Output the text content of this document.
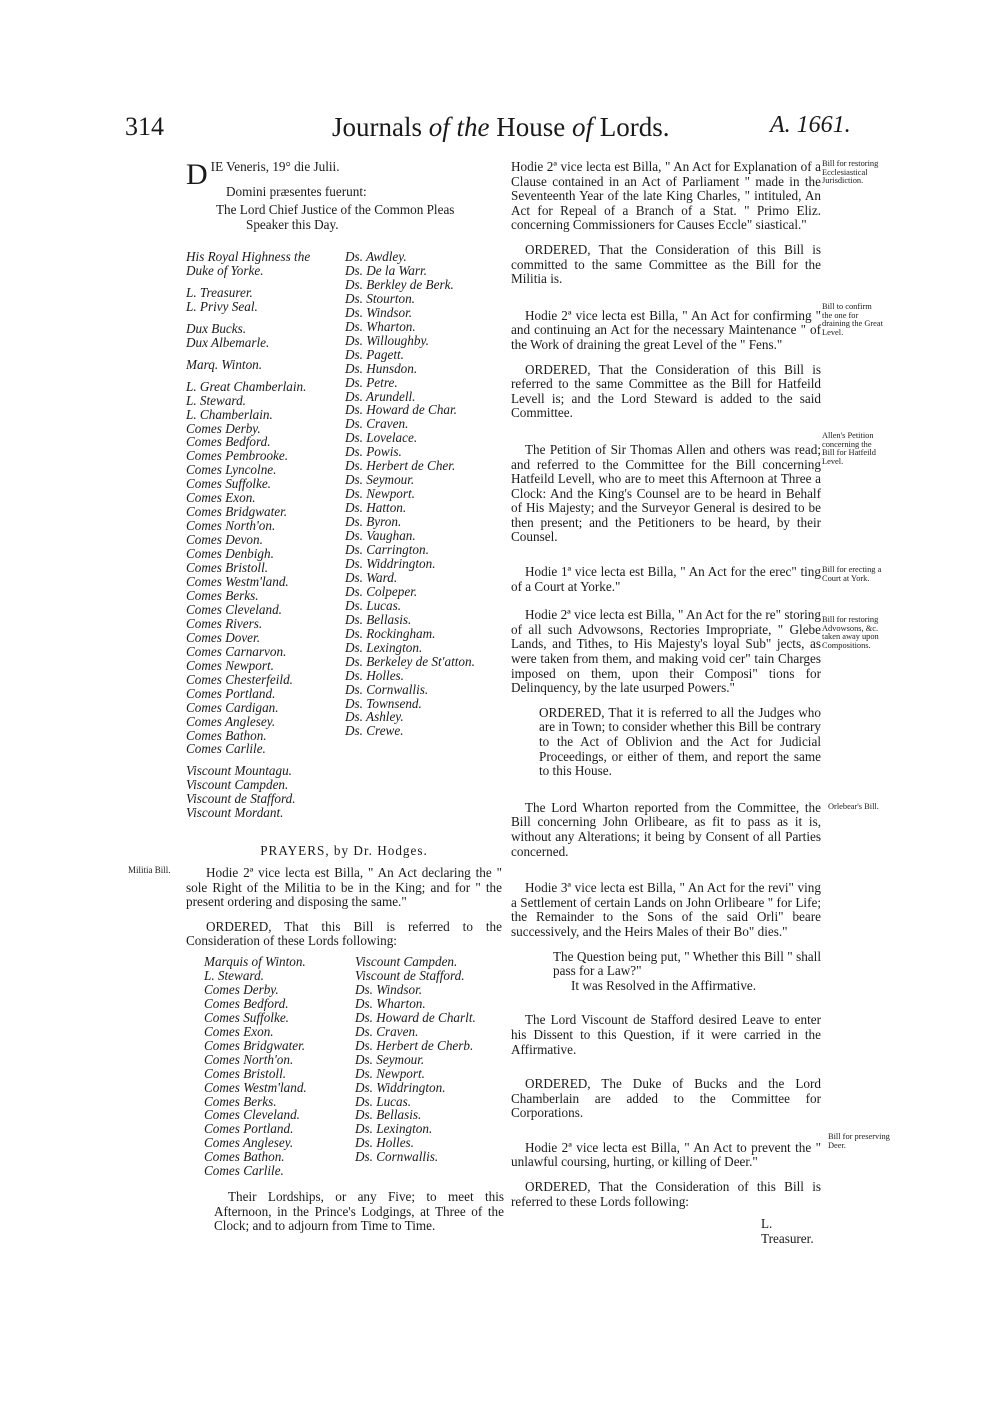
314	Journals of the House of Lords.	A. 1661.

DIE Veneris, 19° die Julii.

Domini præsentes fuerunt:

The Lord Chief Justice of the Common Pleas

Speaker this Day.

His Royal Highness the
Duke of Yorke.
L. Treasurer.
L. Privy Seal.
Dux Bucks.
Dux Albemarle.
Marq. Winton.
L. Great Chamberlain.
L. Steward.
L. Chamberlain.
Comes Derby.
Comes Bedford.
Comes Pembrooke.
Comes Lyncolne.
Comes Suffolke.
Comes Exon.
Comes Bridgwater.
Comes North'on.
Comes Devon.
Comes Denbigh.
Comes Bristoll.
Comes Westm'land.
Comes Berks.
Comes Cleveland.
Comes Rivers.
Comes Dover.
Comes Carnarvon.
Comes Newport.
Comes Chesterfeild.
Comes Portland.
Comes Cardigan.
Comes Anglesey.
Comes Bathon.
Comes Carlile.
Viscount Mountagu.
Viscount Campden.
Viscount de Stafford.
Viscount Mordant.
Ds. Awdley.
Ds. De la Warr.
Ds. Berkley de Berk.
Ds. Stourton.
Ds. Windsor.
Ds. Wharton.
Ds. Willoughby.
Ds. Pagett.
Ds. Hunsdon.
Ds. Petre.
Ds. Arundell.
Ds. Howard de Char.
Ds. Craven.
Ds. Lovelace.
Ds. Powis.
Ds. Herbert de Cher.
Ds. Seymour.
Ds. Newport.
Ds. Hatton.
Ds. Byron.
Ds. Vaughan.
Ds. Carrington.
Ds. Widdrington.
Ds. Ward.
Ds. Colpeper.
Ds. Lucas.
Ds. Bellasis.
Ds. Rockingham.
Ds. Lexington.
Ds. Berkeley de St'atton.
Ds. Holles.
Ds. Cornwallis.
Ds. Townsend.
Ds. Ashley.
Ds. Crewe.
PRAYERS, by Dr. Hodges.
Militia Bill.	Hodie 2ª vice lecta est Billa, " An Act declaring the " sole Right of the Militia to be in the King; and for " the present ordering and disposing the same."

ORDERED, That this Bill is referred to the Consideration of these Lords following:

Marquis of Winton.
L. Steward.
Comes Derby.
Comes Bedford.
Comes Suffolke.
Comes Exon.
Comes Bridgwater.
Comes North'on.
Comes Bristoll.
Comes Westm'land.
Comes Berks.
Comes Cleveland.
Comes Portland.
Comes Anglesey.
Comes Bathon.
Comes Carlile.
Viscount Campden.
Viscount de Stafford.
Ds. Windsor.
Ds. Wharton.
Ds. Howard de Charlt.
Ds. Craven.
Ds. Herbert de Cherb.
Ds. Seymour.
Ds. Newport.
Ds. Widdrington.
Ds. Lucas.
Ds. Bellasis.
Ds. Lexington.
Ds. Holles.
Ds. Cornwallis.
Their Lordships, or any Five; to meet this Afternoon, in the Prince's Lodgings, at Three of the Clock; and to adjourn from Time to Time.

Hodie 2ª vice lecta est Billa, " An Act for Explanation of a Clause contained in an Act of Parliament " made in the Seventeenth Year of the late King Charles, " intituled, An Act for Repeal of a Branch of a Stat. " Primo Eliz. concerning Commissioners for Causes Eccle" siastical."

ORDERED, That the Consideration of this Bill is committed to the same Committee as the Bill for the Militia is.

Hodie 2ª vice lecta est Billa, " An Act for confirming " and continuing an Act for the necessary Maintenance " of the Work of draining the great Level of the " Fens."

ORDERED, That the Consideration of this Bill is referred to the same Committee as the Bill for Hatfeild Levell is; and the Lord Steward is added to the said Committee.

The Petition of Sir Thomas Allen and others was read; and referred to the Committee for the Bill concerning Hatfeild Levell, who are to meet this Afternoon at Three a Clock: And the King's Counsel are to be heard in Behalf of His Majesty; and the Surveyor General is desired to be then present; and the Petitioners to be heard, by their Counsel.

Hodie 1ª vice lecta est Billa, " An Act for the erec" ting of a Court at Yorke."

Hodie 2ª vice lecta est Billa, " An Act for the re" storing of all such Advowsons, Rectories Impropriate, " Glebe Lands, and Tithes, to His Majesty's loyal Sub" jects, as were taken from them, and making void cer" tain Charges imposed on them, upon their Composi" tions for Delinquency, by the late usurped Powers."

ORDERED, That it is referred to all the Judges who are in Town; to consider whether this Bill be contrary to the Act of Oblivion and the Act for Judicial Proceedings, or either of them, and report the same to this House.

The Lord Wharton reported from the Committee, the Bill concerning John Orlibeare, as fit to pass as it is, without any Alterations; it being by Consent of all Parties concerned.

Hodie 3ª vice lecta est Billa, " An Act for the revi" ving a Settlement of certain Lands on John Orlibeare " for Life; the Remainder to the Sons of the said Orli" beare successively, and the Heirs Males of their Bo" dies."

The Question being put, " Whether this Bill " shall pass for a Law?"

It was Resolved in the Affirmative.

The Lord Viscount de Stafford desired Leave to enter his Dissent to this Question, if it were carried in the Affirmative.

ORDERED, The Duke of Bucks and the Lord Chamberlain are added to the Committee for Corporations.

Hodie 2ª vice lecta est Billa, " An Act to prevent the " unlawful coursing, hurting, or killing of Deer."

ORDERED, That the Consideration of this Bill is referred to these Lords following:

L. Treasurer.

Bill for restoring Ecclesiastical Jurisdiction.
Bill to confirm the one for draining the Great Level.
Allen's Petition concerning the Bill for Hatfeild Level.
Bill for erecting a Court at York.
Bill for restoring Advowsons, &c. taken away upon Compositions.
Orlebear's Bill.
Bill for preserving Deer.
